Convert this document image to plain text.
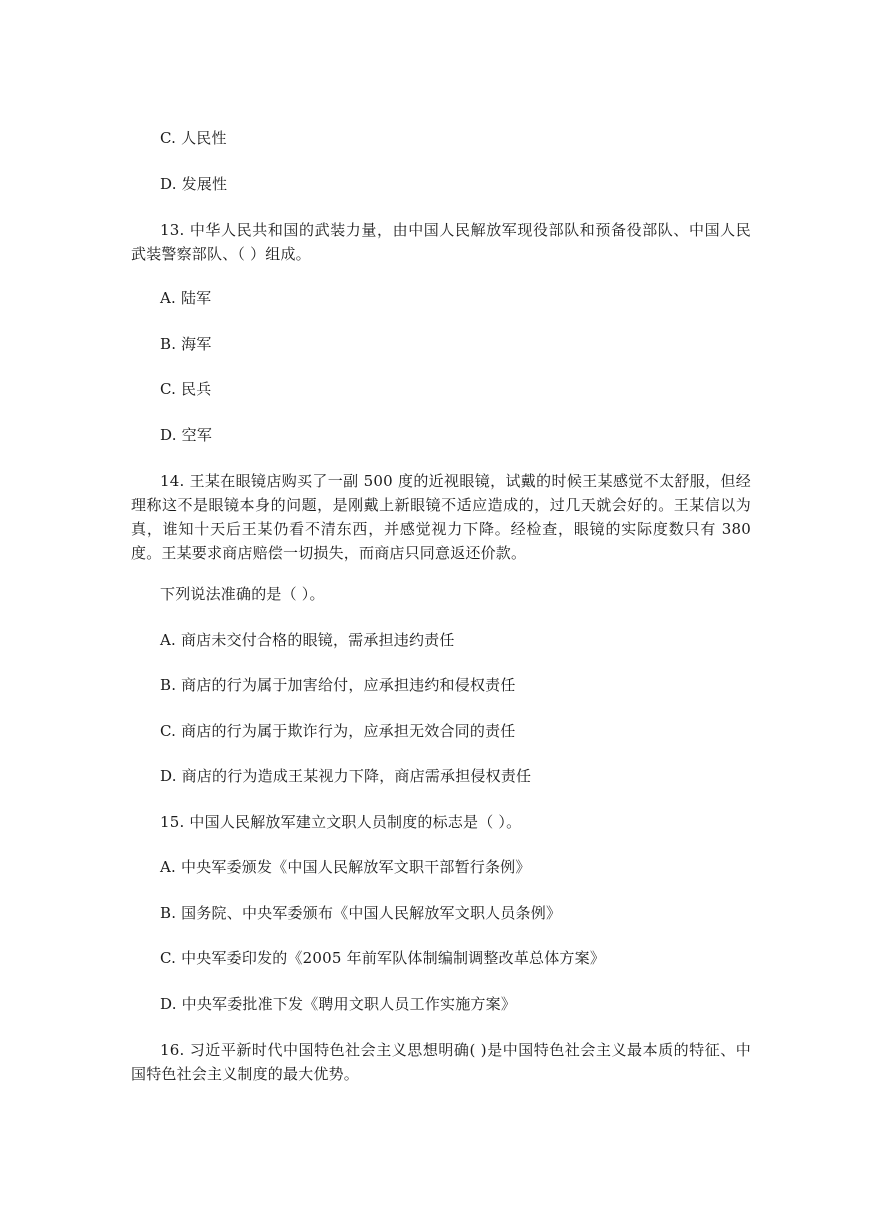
C. 人民性
D. 发展性
13. 中华人民共和国的武装力量，由中国人民解放军现役部队和预备役部队、中国人民武装警察部队、（ ）组成。
A. 陆军
B. 海军
C. 民兵
D. 空军
14. 王某在眼镜店购买了一副 500 度的近视眼镜，试戴的时候王某感觉不太舒服，但经理称这不是眼镜本身的问题，是刚戴上新眼镜不适应造成的，过几天就会好的。王某信以为真，谁知十天后王某仍看不清东西，并感觉视力下降。经检查，眼镜的实际度数只有 380 度。王某要求商店赔偿一切损失，而商店只同意返还价款。
下列说法准确的是（ ）。
A. 商店未交付合格的眼镜，需承担违约责任
B. 商店的行为属于加害给付，应承担违约和侵权责任
C. 商店的行为属于欺诈行为，应承担无效合同的责任
D. 商店的行为造成王某视力下降，商店需承担侵权责任
15. 中国人民解放军建立文职人员制度的标志是（ ）。
A. 中央军委颁发《中国人民解放军文职干部暂行条例》
B. 国务院、中央军委颁布《中国人民解放军文职人员条例》
C. 中央军委印发的《2005 年前军队体制编制调整改革总体方案》
D. 中央军委批准下发《聘用文职人员工作实施方案》
16. 习近平新时代中国特色社会主义思想明确( )是中国特色社会主义最本质的特征、中国特色社会主义制度的最大优势。
